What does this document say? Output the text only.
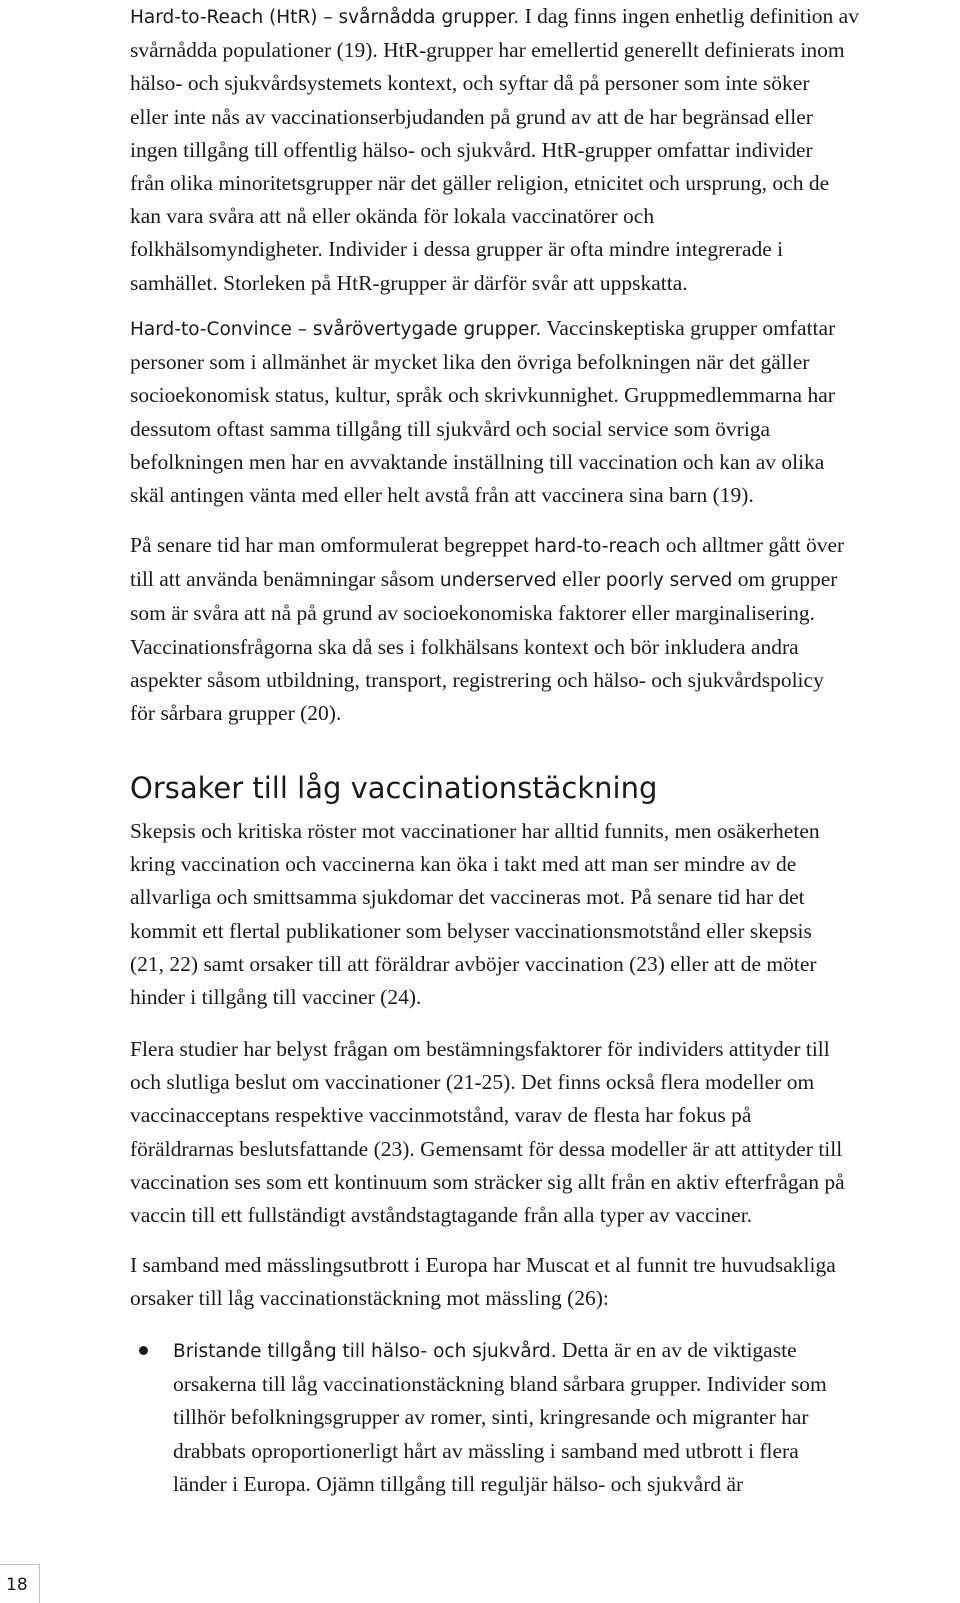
Hard-to-Reach (HtR) – svårnådda grupper. I dag finns ingen enhetlig definition av
svårnådda populationer (19). HtR-grupper har emellertid generellt definierats inom
hälso- och sjukvårdsystemets kontext, och syftar då på personer som inte söker
eller inte nås av vaccinationserbjudanden på grund av att de har begränsad eller
ingen tillgång till offentlig hälso- och sjukvård. HtR-grupper omfattar individer
från olika minoritetsgrupper när det gäller religion, etnicitet och ursprung, och de
kan vara svåra att nå eller okända för lokala vaccinatörer och
folkhälsomyndigheter. Individer i dessa grupper är ofta mindre integrerade i
samhället. Storleken på HtR-grupper är därför svår att uppskatta.

Hard-to-Convince – svårövertygade grupper. Vaccinskeptiska grupper omfattar
personer som i allmänhet är mycket lika den övriga befolkningen när det gäller
socioekonomisk status, kultur, språk och skrivkunnighet. Gruppmedlemmarna har
dessutom oftast samma tillgång till sjukvård och social service som övriga
befolkningen men har en avvaktande inställning till vaccination och kan av olika
skäl antingen vänta med eller helt avstå från att vaccinera sina barn (19).

På senare tid har man omformulerat begreppet hard-to-reach och alltmer gått över
till att använda benämningar såsom underserved eller poorly served om grupper
som är svåra att nå på grund av socioekonomiska faktorer eller marginalisering.
Vaccinationsfrågorna ska då ses i folkhälsans kontext och bör inkludera andra
aspekter såsom utbildning, transport, registrering och hälso- och sjukvårdspolicy
för sårbara grupper (20).

Orsaker till låg vaccinationstäckning

Skepsis och kritiska röster mot vaccinationer har alltid funnits, men osäkerheten
kring vaccination och vaccinerna kan öka i takt med att man ser mindre av de
allvarliga och smittsamma sjukdomar det vaccineras mot. På senare tid har det
kommit ett flertal publikationer som belyser vaccinationsmotstånd eller skepsis
(21, 22) samt orsaker till att föräldrar avböjer vaccination (23) eller att de möter
hinder i tillgång till vacciner (24).

Flera studier har belyst frågan om bestämningsfaktorer för individers attityder till
och slutliga beslut om vaccinationer (21-25). Det finns också flera modeller om
vaccinacceptans respektive vaccinmotstånd, varav de flesta har fokus på
föräldrarnas beslutsfattande (23). Gemensamt för dessa modeller är att attityder till
vaccination ses som ett kontinuum som sträcker sig allt från en aktiv efterfrågan på
vaccin till ett fullständigt avståndstagtagande från alla typer av vacciner.

I samband med mässlingsutbrott i Europa har Muscat et al funnit tre huvudsakliga
orsaker till låg vaccinationstäckning mot mässling (26):

Bristande tillgång till hälso- och sjukvård. Detta är en av de viktigaste
orsakerna till låg vaccinationstäckning bland sårbara grupper. Individer som
tillhör befolkningsgrupper av romer, sinti, kringresande och migranter har
drabbats oproportionerligt hårt av mässling i samband med utbrott i flera
länder i Europa. Ojämn tillgång till reguljär hälso- och sjukvård är
18
